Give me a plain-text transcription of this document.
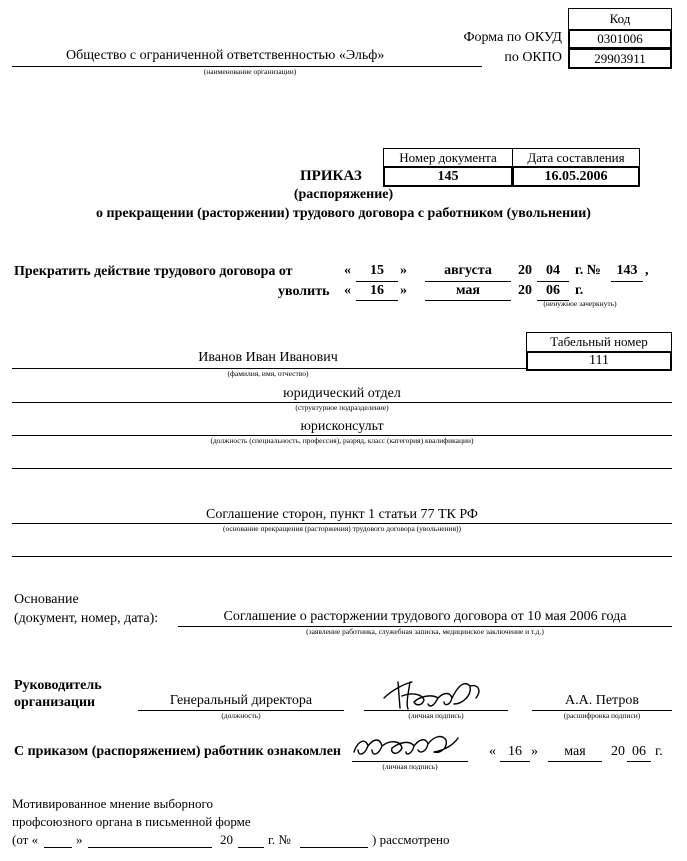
Код
Форма по ОКУД	0301006
Общество с ограниченной ответственностью «Эльф»
(наименование организации)
по ОКПО 29903911
Номер документа Дата составления
145	16.05.2006
ПРИКАЗ
(распоряжение)
о прекращении (расторжении) трудового договора с работником (увольнении)
Прекратить действие трудового договора от	«	15	»	августа	20	04	г. №	143 ,
уволить «	16	»	мая	20	06	г.
(ненужное зачеркнуть)
Табельный номер
111
Иванов Иван Иванович
(фамилия, имя, отчество)
юридический отдел
(структурное подразделение)
юрисконсульт
(должность (специальность, профессия), разряд, класс (категория) квалификации)
Соглашение сторон, пункт 1 статьи 77 ТК РФ
(основание прекращения (расторжения) трудового договора (увольнения))
Основание
(документ, номер, дата):	Соглашение о расторжении трудового договора от 10 мая 2006 года
(заявление работника, служебная записка, медицинское заключение и т.д.)
Руководитель
организации	Генеральный директора
(должность)	(личная подпись)
А.А. Петров
(расшифровка подписи)
С приказом (распоряжением) работник ознакомлен
(личная подпись)
« 16 »	мая	20 06 г.
Мотивированное мнение выборного
профсоюзного органа в письменной форме
(от «	»	20	г. №	) рассмотрено
